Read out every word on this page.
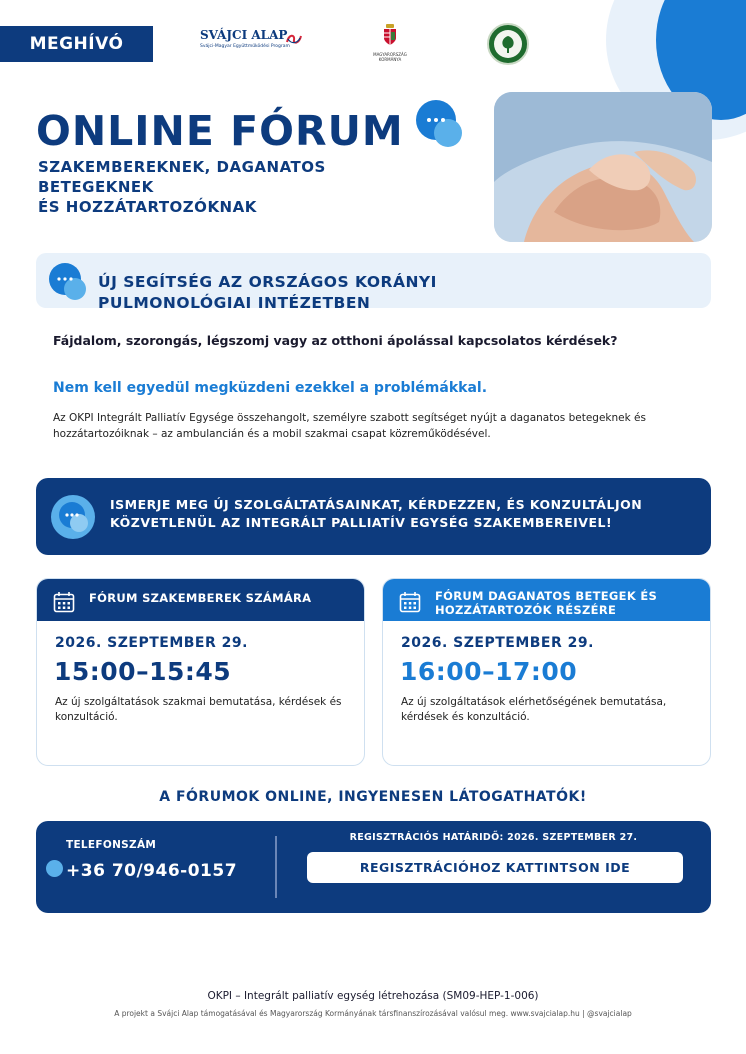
MEGHÍVÓ	SVÁJCI ALAP
Svájci-Magyar Együttműködési Program
MAGYARORSZÁG KORMÁNYA
ONLINE FÓRUM
SZAKEMBEREKNEK, DAGANATOS
BETEGEKNEK
ÉS HOZZÁTARTOZÓKNAK
ÚJ SEGÍTSÉG AZ ORSZÁGOS KORÁNYI
PULMONOLÓGIAI INTÉZETBEN
Fájdalom, szorongás, légszomj vagy az otthoni ápolással kapcsolatos kérdések?
Nem kell egyedül megküzdeni ezekkel a problémákkal.
Az OKPI Integrált Palliatív Egysége összehangolt, személyre szabott segítséget nyújt a daganatos betegeknek és hozzátartozóiknak – az ambulancián és a mobil szakmai csapat közreműködésével.
ISMERJE MEG ÚJ SZOLGÁLTATÁSAINKAT, KÉRDEZZEN, ÉS KONZULTÁLJON
KÖZVETLENÜL AZ INTEGRÁLT PALLIATÍV EGYSÉG SZAKEMBEREIVEL!
FÓRUM SZAKEMBEREK SZÁMÁRA
2026. SZEPTEMBER 29.
15:00–15:45
Az új szolgáltatások szakmai bemutatása, kérdések és konzultáció.
FÓRUM DAGANATOS BETEGEK ÉS
HOZZÁTARTOZÓK RÉSZÉRE
2026. SZEPTEMBER 29.
16:00–17:00
Az új szolgáltatások elérhetőségének bemutatása, kérdések és konzultáció.
A FÓRUMOK ONLINE, INGYENESEN LÁTOGATHATÓK!
TELEFONSZÁM
+36 70/946-0157
REGISZTRÁCIÓS HATÁRIDŐ: 2026. SZEPTEMBER 27.
REGISZTRÁCIÓHOZ KATTINTSON IDE
OKPI – Integrált palliatív egység létrehozása (SM09-HEP-1-006)
A projekt a Svájci Alap támogatásával és Magyarország Kormányának társfinanszírozásával valósul meg. www.svajcialap.hu | @svajcialap
